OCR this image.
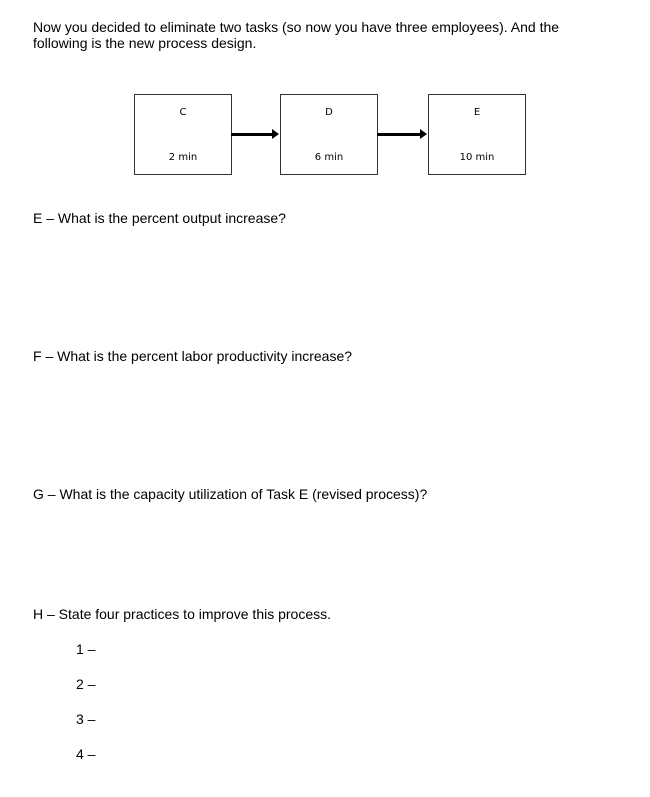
Now you decided to eliminate two tasks (so now you have three employees). And the
following is the new process design.
C
2 min
D
6 min
E
10 min
E – What is the percent output increase?
F – What is the percent labor productivity increase?
G – What is the capacity utilization of Task E (revised process)?
H – State four practices to improve this process.
1 –
2 –
3 –
4 –
